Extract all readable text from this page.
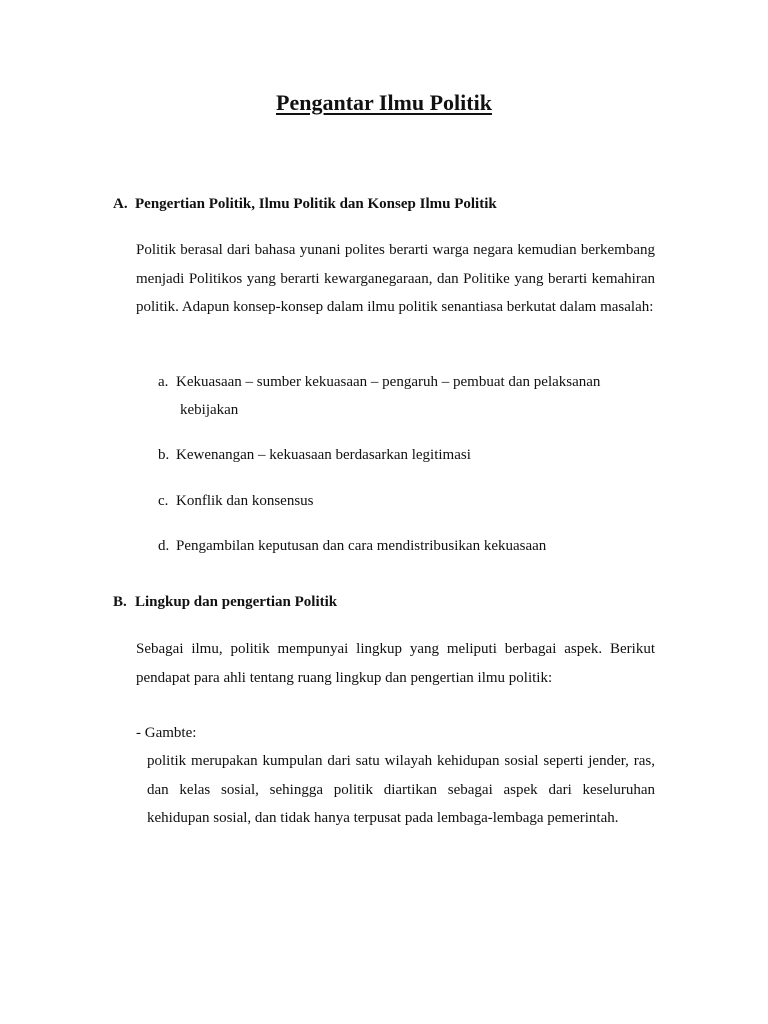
Pengantar Ilmu Politik
A. Pengertian Politik, Ilmu Politik dan Konsep Ilmu Politik
Politik berasal dari bahasa yunani polites berarti warga negara kemudian berkembang menjadi Politikos yang berarti kewarganegaraan, dan Politike yang berarti kemahiran politik. Adapun konsep-konsep dalam ilmu politik senantiasa berkutat dalam masalah:
a. Kekuasaan – sumber kekuasaan – pengaruh – pembuat dan pelaksanan
kebijakan
b. Kewenangan – kekuasaan berdasarkan legitimasi
c. Konflik dan konsensus
d. Pengambilan keputusan dan cara mendistribusikan kekuasaan
B. Lingkup dan pengertian Politik
Sebagai ilmu, politik mempunyai lingkup yang meliputi berbagai aspek. Berikut pendapat para ahli tentang ruang lingkup dan pengertian ilmu politik:
- Gambte:
politik merupakan kumpulan dari satu wilayah kehidupan sosial seperti jender, ras, dan kelas sosial, sehingga politik diartikan sebagai aspek dari keseluruhan kehidupan sosial, dan tidak hanya terpusat pada lembaga-lembaga pemerintah.
